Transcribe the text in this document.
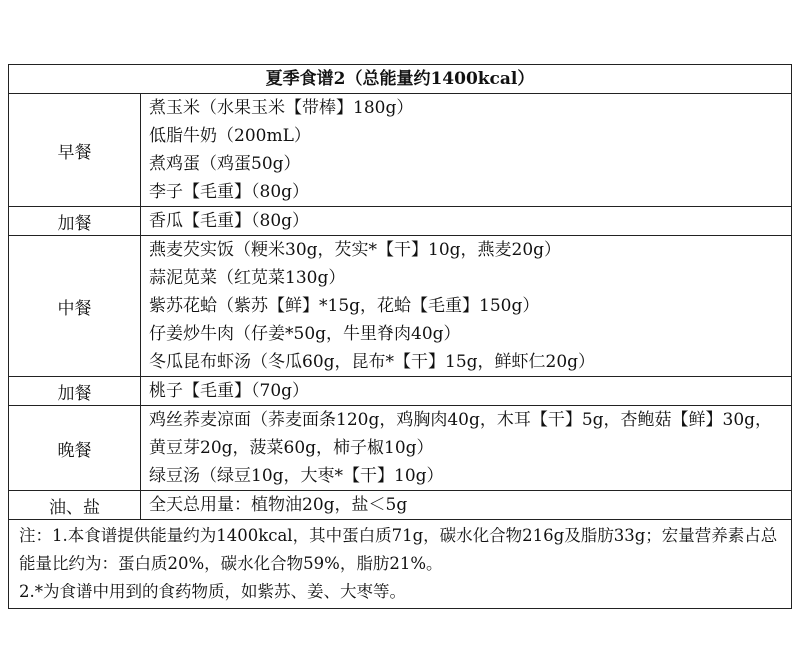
夏季食谱2（总能量约1400kcal）	
早餐	煮玉米（水果玉米【带棒】180g）
低脂牛奶（200mL）
煮鸡蛋（鸡蛋50g）
李子【毛重】（80g）

加餐	香瓜【毛重】（80g）

中餐	燕麦芡实饭（粳米30g，芡实*【干】10g，燕麦20g）
蒜泥苋菜（红苋菜130g）
紫苏花蛤（紫苏【鲜】*15g，花蛤【毛重】150g）
仔姜炒牛肉（仔姜*50g，牛里脊肉40g）
冬瓜昆布虾汤（冬瓜60g，昆布*【干】15g，鲜虾仁20g）

加餐	桃子【毛重】（70g）

晚餐	鸡丝荞麦凉面（荞麦面条120g，鸡胸肉40g，木耳【干】5g，杏鲍菇【鲜】30g，黄豆芽20g，菠菜60g，柿子椒10g）
绿豆汤（绿豆10g，大枣*【干】10g）

油、盐	全天总用量：植物油20g，盐＜5g

注：1.本食谱提供能量约为1400kcal，其中蛋白质71g，碳水化合物216g及脂肪33g；宏量营养素占总能量比约为：蛋白质20%，碳水化合物59%，脂肪21%。
2.*为食谱中用到的食药物质，如紫苏、姜、大枣等。	
